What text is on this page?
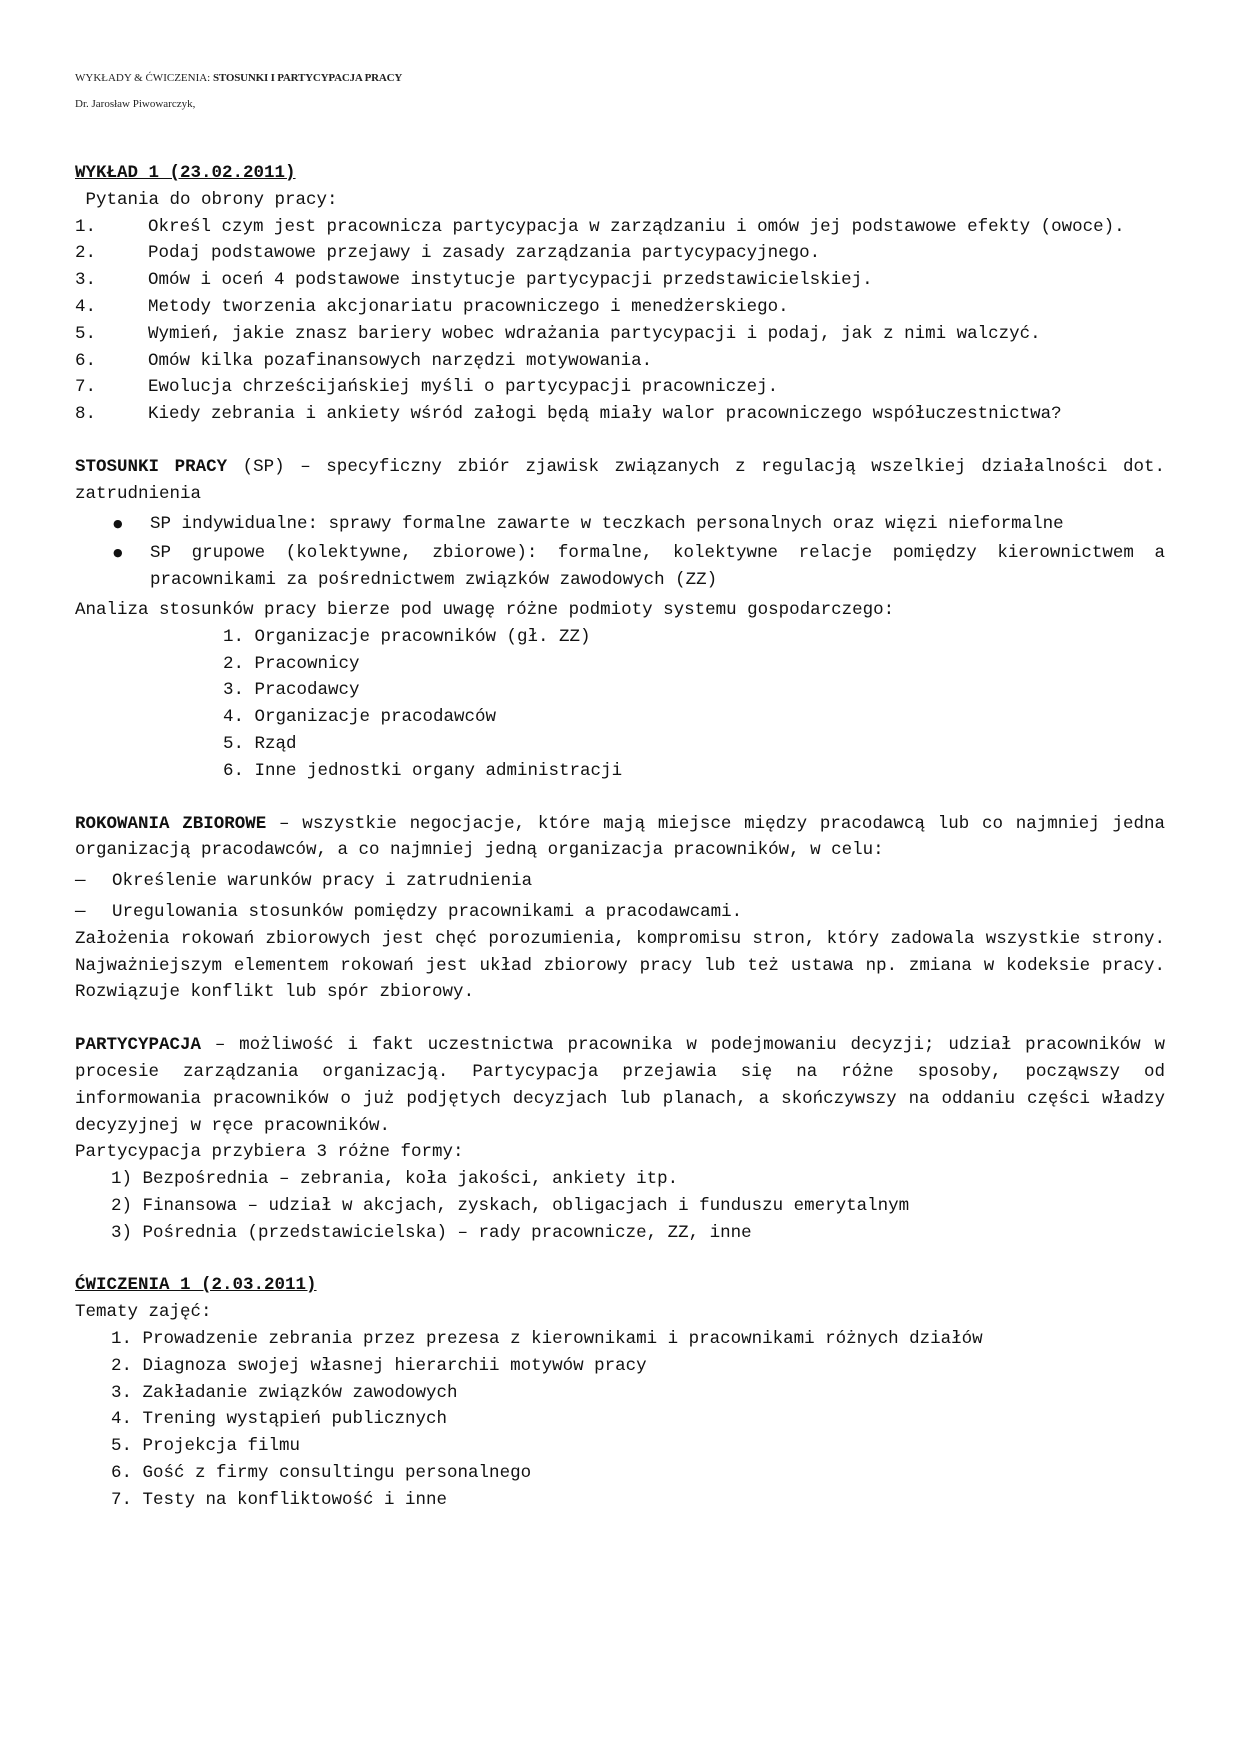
WYKŁADY & ĆWICZENIA: STOSUNKI I PARTYCYPACJA PRACY
Dr. Jarosław Piwowarczyk,

WYKŁAD 1 (23.02.2011)

Pytania do obrony pracy:

1.	Określ czym jest pracownicza partycypacja w zarządzaniu i omów jej podstawowe efekty (owoce).
2.	Podaj podstawowe przejawy i zasady zarządzania partycypacyjnego.
3.	Omów i oceń 4 podstawowe instytucje partycypacji przedstawicielskiej.
4.	Metody tworzenia akcjonariatu pracowniczego i menedżerskiego.
5.	Wymień, jakie znasz bariery wobec wdrażania partycypacji i podaj, jak z nimi walczyć.
6.	Omów kilka pozafinansowych narzędzi motywowania.
7.	Ewolucja chrześcijańskiej myśli o partycypacji pracowniczej.
8.	Kiedy zebrania i ankiety wśród załogi będą miały walor pracowniczego współuczestnictwa?

STOSUNKI PRACY (SP) – specyficzny zbiór zjawisk związanych z regulacją wszelkiej działalności dot. zatrudnienia

● SP indywidualne: sprawy formalne zawarte w teczkach personalnych oraz więzi nieformalne
● SP grupowe (kolektywne, zbiorowe): formalne, kolektywne relacje pomiędzy kierownictwem a pracownikami za pośrednictwem związków zawodowych (ZZ)

Analiza stosunków pracy bierze pod uwagę różne podmioty systemu gospodarczego:

1. Organizacje pracowników (gł. ZZ)

2. Pracownicy

3. Pracodawcy

4. Organizacje pracodawców

5. Rząd

6. Inne jednostki organy administracji

ROKOWANIA ZBIOROWE – wszystkie negocjacje, które mają miejsce między pracodawcą lub co najmniej jedna organizacją pracodawców, a co najmniej jedną organizacja pracowników, w celu:

—	Określenie warunków pracy i zatrudnienia
—	Uregulowania stosunków pomiędzy pracownikami a pracodawcami.

Założenia rokowań zbiorowych jest chęć porozumienia, kompromisu stron, który zadowala wszystkie strony. Najważniejszym elementem rokowań jest układ zbiorowy pracy lub też ustawa np. zmiana w kodeksie pracy. Rozwiązuje konflikt lub spór zbiorowy.

PARTYCYPACJA – możliwość i fakt uczestnictwa pracownika w podejmowaniu decyzji; udział pracowników w procesie zarządzania organizacją. Partycypacja przejawia się na różne sposoby, począwszy od informowania pracowników o już podjętych decyzjach lub planach, a skończywszy na oddaniu części władzy decyzyjnej w ręce pracowników.

Partycypacja przybiera 3 różne formy:

1) Bezpośrednia – zebrania, koła jakości, ankiety itp.

2) Finansowa – udział w akcjach, zyskach, obligacjach i funduszu emerytalnym

3) Pośrednia (przedstawicielska) – rady pracownicze, ZZ, inne

ĆWICZENIA 1 (2.03.2011)

Tematy zajęć:

1. Prowadzenie zebrania przez prezesa z kierownikami i pracownikami różnych działów

2. Diagnoza swojej własnej hierarchii motywów pracy

3. Zakładanie związków zawodowych

4. Trening wystąpień publicznych

5. Projekcja filmu

6. Gość z firmy consultingu personalnego

7. Testy na konfliktowość i inne
